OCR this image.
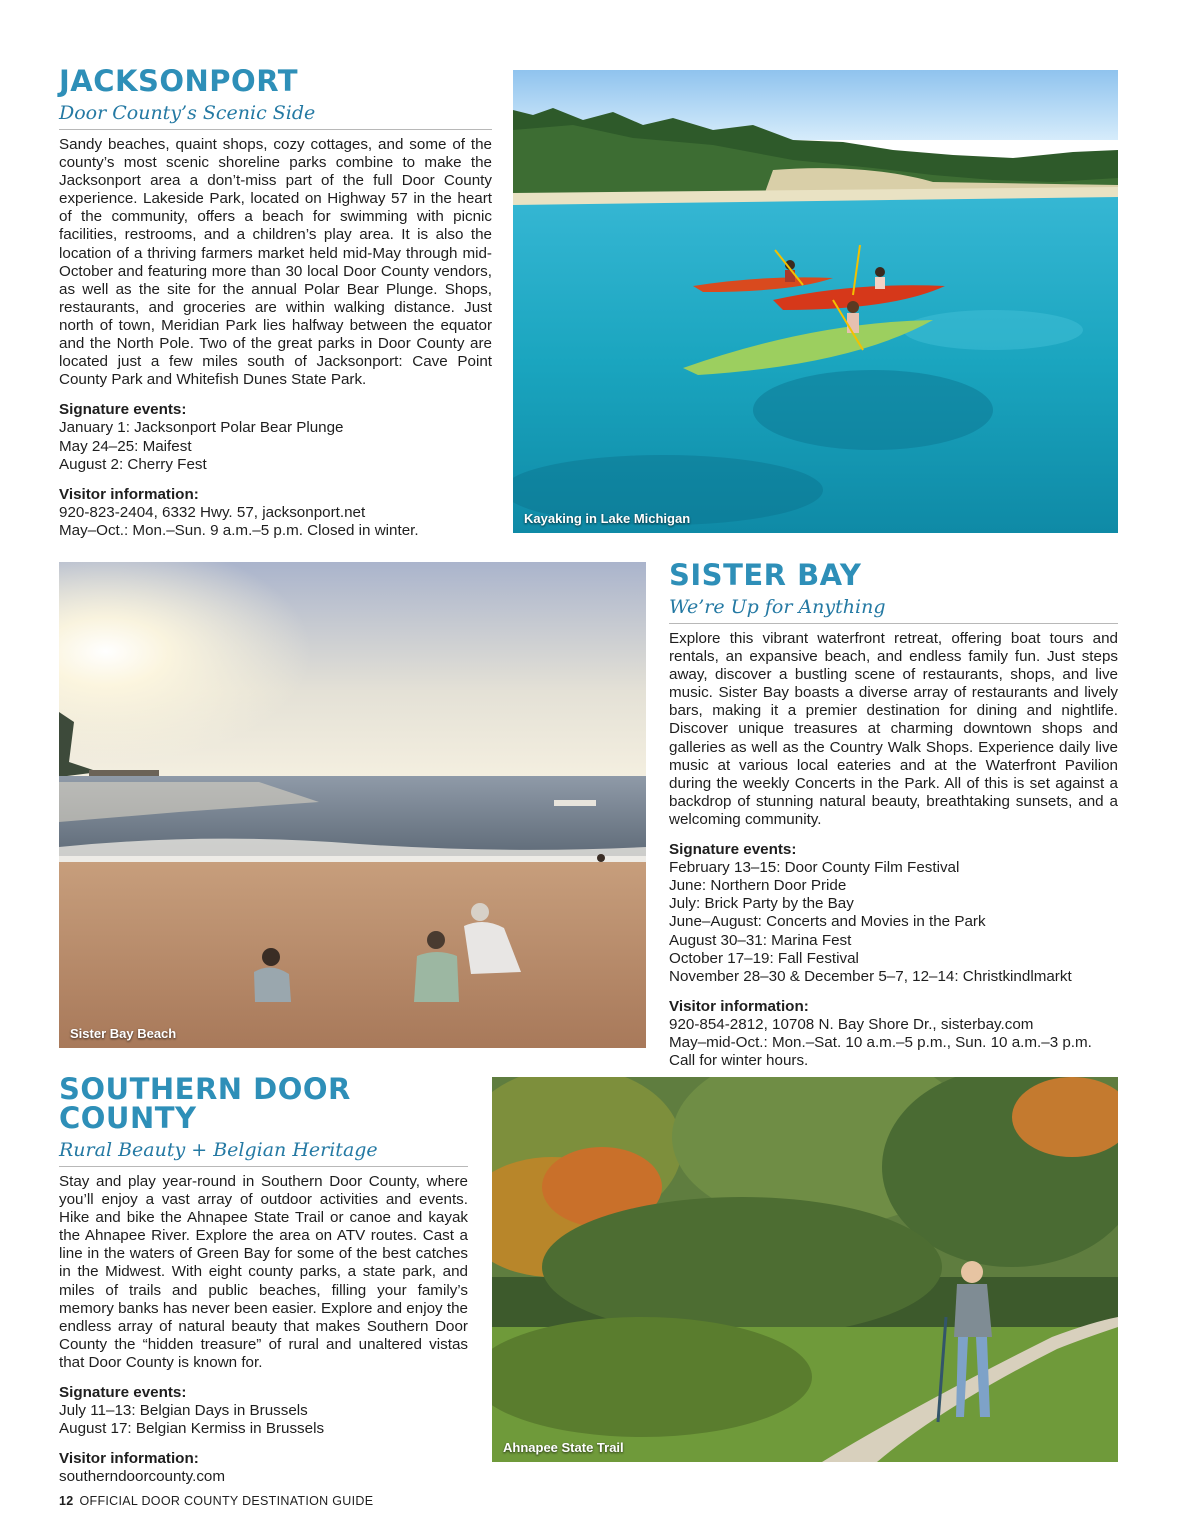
JACKSONPORT
Door County’s Scenic Side

Sandy beaches, quaint shops, cozy cottages, and some of the county’s most scenic shoreline parks combine to make the Jacksonport area a don’t-miss part of the full Door County experience. Lakeside Park, located on Highway 57 in the heart of the community, offers a beach for swimming with picnic facilities, restrooms, and a children’s play area. It is also the location of a thriving farmers market held mid-May through mid-October and featuring more than 30 local Door County vendors, as well as the site for the annual Polar Bear Plunge. Shops, restaurants, and groceries are within walking distance. Just north of town, Meridian Park lies halfway between the equator and the North Pole. Two of the great parks in Door County are located just a few miles south of Jacksonport: Cave Point County Park and Whitefish Dunes State Park.

Signature events:
January 1: Jacksonport Polar Bear Plunge
May 24–25: Maifest
August 2: Cherry Fest
Visitor information:
920-823-2404, 6332 Hwy. 57, jacksonport.net
May–Oct.: Mon.–Sun. 9 a.m.–5 p.m. Closed in winter.
Kayaking in Lake Michigan
Sister Bay Beach
SISTER BAY
We’re Up for Anything

Explore this vibrant waterfront retreat, offering boat tours and rentals, an expansive beach, and endless family fun. Just steps away, discover a bustling scene of restaurants, shops, and live music. Sister Bay boasts a diverse array of restaurants and lively bars, making it a premier destination for dining and nightlife. Discover unique treasures at charming downtown shops and galleries as well as the Country Walk Shops. Experience daily live music at various local eateries and at the Waterfront Pavilion during the weekly Concerts in the Park. All of this is set against a backdrop of stunning natural beauty, breathtaking sunsets, and a welcoming community.

Signature events:
February 13–15: Door County Film Festival
June: Northern Door Pride
July: Brick Party by the Bay
June–August: Concerts and Movies in the Park
August 30–31: Marina Fest
October 17–19: Fall Festival
November 28–30 & December 5–7, 12–14: Christkindlmarkt
Visitor information:
920-854-2812, 10708 N. Bay Shore Dr., sisterbay.com
May–mid-Oct.: Mon.–Sat. 10 a.m.–5 p.m., Sun. 10 a.m.–3 p.m.
Call for winter hours.
SOUTHERN DOOR COUNTY
Rural Beauty + Belgian Heritage

Stay and play year-round in Southern Door County, where you’ll enjoy a vast array of outdoor activities and events. Hike and bike the Ahnapee State Trail or canoe and kayak the Ahnapee River. Explore the area on ATV routes. Cast a line in the waters of Green Bay for some of the best catches in the Midwest. With eight county parks, a state park, and miles of trails and public beaches, filling your family’s memory banks has never been easier. Explore and enjoy the endless array of natural beauty that makes Southern Door County the “hidden treasure” of rural and unaltered vistas that Door County is known for.

Signature events:
July 11–13: Belgian Days in Brussels
August 17: Belgian Kermiss in Brussels
Visitor information:
southerndoorcounty.com
Ahnapee State Trail
12 OFFICIAL DOOR COUNTY DESTINATION GUIDE
